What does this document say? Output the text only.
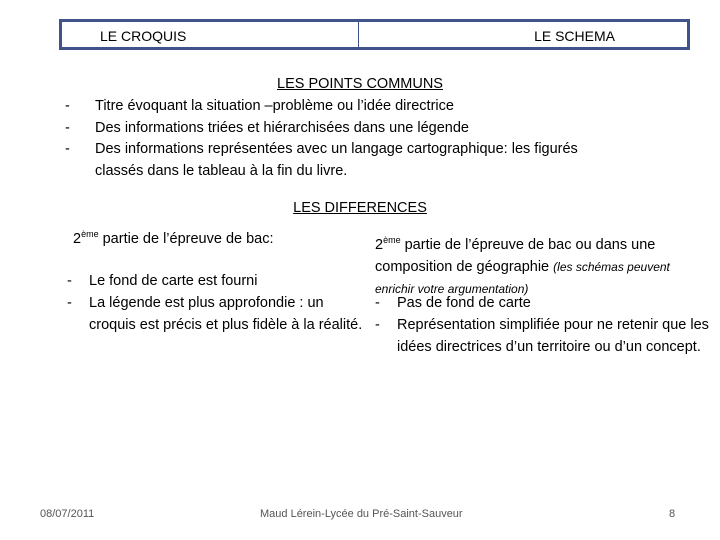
LE CROQUIS	LE SCHEMA
LES POINTS COMMUNS
- Titre évoquant la situation –problème ou l’idée directrice
- Des informations triées et hiérarchisées dans une légende
- Des informations représentées avec un langage cartographique: les figurés
classés dans le tableau à la fin du livre.
LES DIFFERENCES
2ème partie de l’épreuve de bac:
- Le fond de carte est fourni
- La légende est plus approfondie : un croquis est précis et plus fidèle à la réalité.
2ème partie de l’épreuve de bac ou dans une composition de géographie (les schémas peuvent enrichir votre argumentation)
- Pas de fond de carte
- Représentation simplifiée pour ne retenir que les idées directrices d’un territoire ou d’un concept.
08/07/2011	Maud Lérein-Lycée du Pré-Saint-Sauveur	8
